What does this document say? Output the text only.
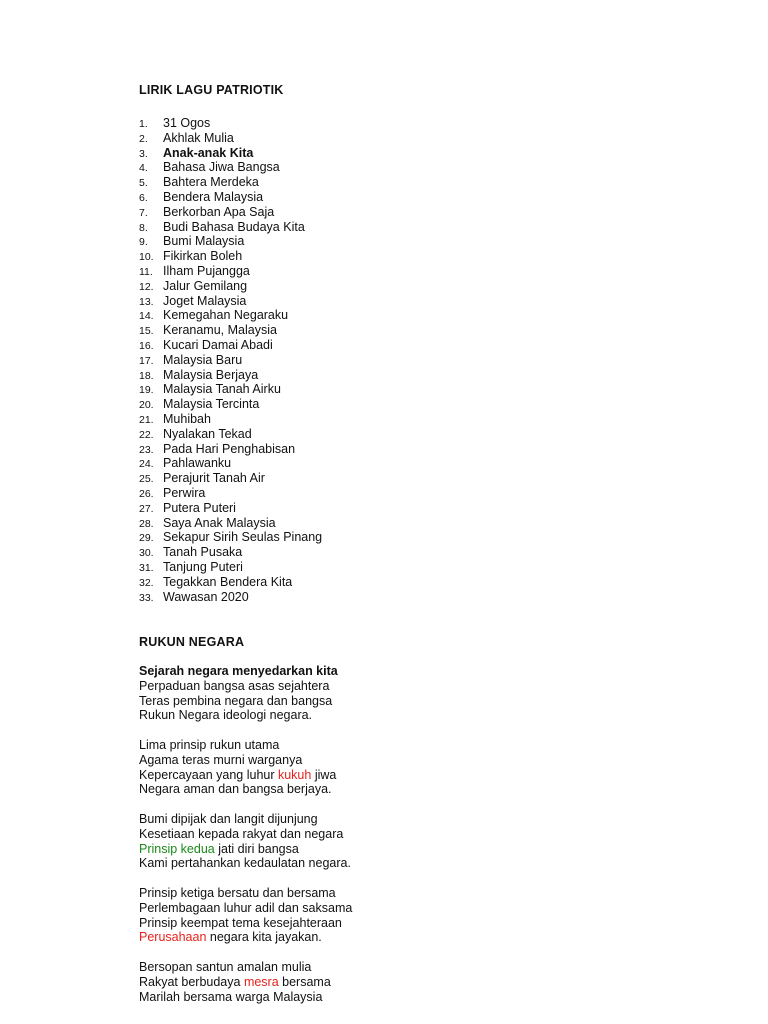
LIRIK LAGU PATRIOTIK
1. 31 Ogos
2. Akhlak Mulia
3. Anak-anak Kita
4. Bahasa Jiwa Bangsa
5. Bahtera Merdeka
6. Bendera Malaysia
7. Berkorban Apa Saja
8. Budi Bahasa Budaya Kita
9. Bumi Malaysia
10. Fikirkan Boleh
11. Ilham Pujangga
12. Jalur Gemilang
13. Joget Malaysia
14. Kemegahan Negaraku
15. Keranamu, Malaysia
16. Kucari Damai Abadi
17. Malaysia Baru
18. Malaysia Berjaya
19. Malaysia Tanah Airku
20. Malaysia Tercinta
21. Muhibah
22. Nyalakan Tekad
23. Pada Hari Penghabisan
24. Pahlawanku
25. Perajurit Tanah Air
26. Perwira
27. Putera Puteri
28. Saya Anak Malaysia
29. Sekapur Sirih Seulas Pinang
30. Tanah Pusaka
31. Tanjung Puteri
32. Tegakkan Bendera Kita
33. Wawasan 2020
RUKUN NEGARA
Sejarah negara menyedarkan kita
Perpaduan bangsa asas sejahtera
Teras pembina negara dan bangsa
Rukun Negara ideologi negara.
Lima prinsip rukun utama
Agama teras murni warganya
Kepercayaan yang luhur kukuh jiwa
Negara aman dan bangsa berjaya.
Bumi dipijak dan langit dijunjung
Kesetiaan kepada rakyat dan negara
Prinsip kedua jati diri bangsa
Kami pertahankan kedaulatan negara.
Prinsip ketiga bersatu dan bersama
Perlembagaan luhur adil dan saksama
Prinsip keempat tema kesejahteraan
Perusahaan negara kita jayakan.
Bersopan santun amalan mulia
Rakyat berbudaya mesra bersama
Marilah bersama warga Malaysia
